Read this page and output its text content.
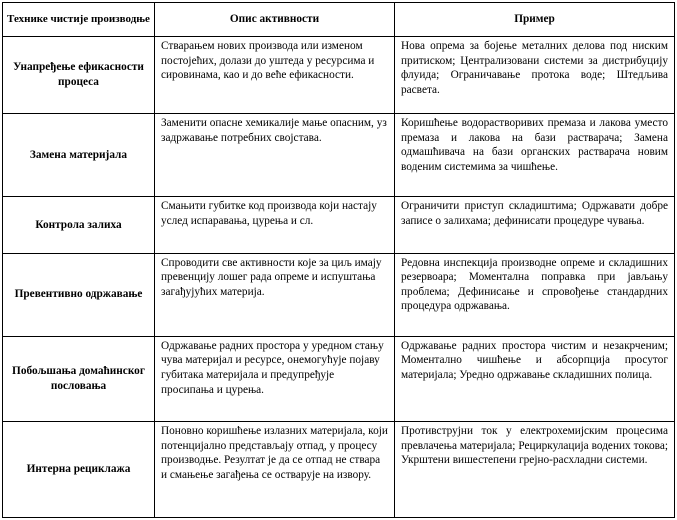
Технике чистије производње	Опис активности	Пример
Унапређење ефикасности процеса	Стварањем нових производа или изменом постојећих, долази до уштеда у ресурсима и сировинама, као и до веће ефикасности.	Нова опрема за бојење металних делова под ниским притиском; Централизовани системи за дистрибуцију флуида; Ограничавање протока воде; Штедљива расвета.
Замена материјала	Заменити опасне хемикалије мање опасним, уз задржавање потребних својстава.	Коришћење водорастворивих премаза и лакова уместо премаза и лакова на бази растварача; Замена одмашћивача на бази органских растварача новим воденим системима за чишћење.
Контрола залиха	Смањити губитке код производа који настају услед испаравања, цурења и сл.	Ограничити приступ складиштима; Одржавати добре записе о залихама; дефинисати процедуре чувања.
Превентивно одржавање	Спроводити све активности које за циљ имају превенцију лошег рада опреме и испуштања загађујућих материја.	Редовна инспекција производне опреме и складишних резервоара; Моментална поправка при јављању проблема; Дефинисање и спровођење стандардних процедура одржавања.
Побољшања домаћинског пословања	Одржавање радних простора у уредном стању чува материјал и ресурсе, онемогућује појаву губитака материјала и предупређује просипања и цурења.	Одржавање радних простора чистим и незакрченим; Моментално чишћење и абсорпција просутог материјала; Уредно одржавање складишних полица.
Интерна рециклажа	Поновно коришћење излазних материјала, који потенцијално представљају отпад, у процесу производње. Резултат је да се отпад не ствара и смањење загађења се остварује на извору.	Противструјни ток у електрохемијским процесима превлачења материјала; Рециркулација водених токова; Укрштени вишестепени грејно-расхладни системи.
